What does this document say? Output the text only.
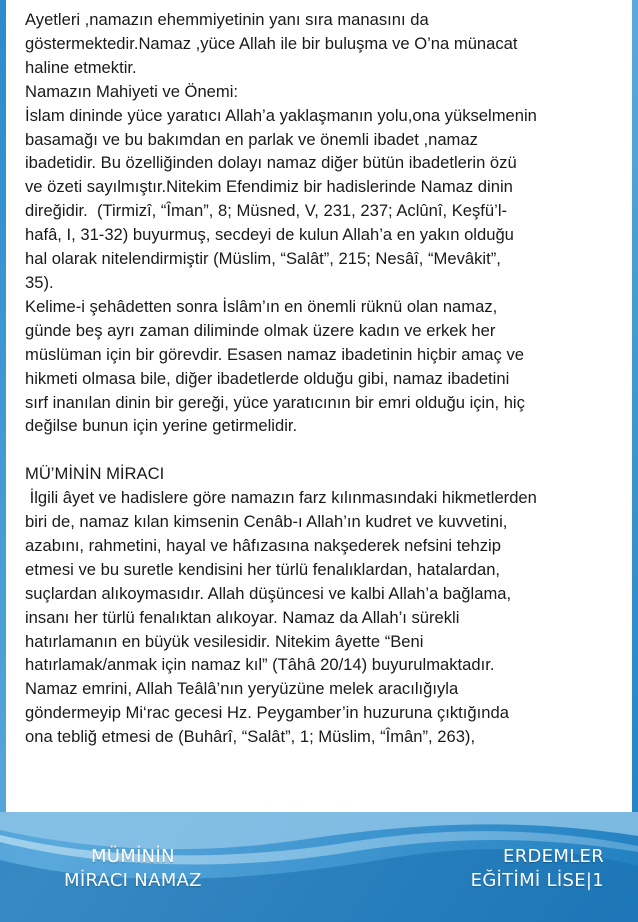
Ayetleri ,namazın ehemmiyetinin yanı sıra manasını da

göstermektedir.Namaz ,yüce Allah ile bir buluşma ve O’na münacat

haline etmektir.

Namazın Mahiyeti ve Önemi:

İslam dininde yüce yaratıcı Allah’a yaklaşmanın yolu,ona yükselmenin

basamağı ve bu bakımdan en parlak ve önemli ibadet ,namaz

ibadetidir. Bu özelliğinden dolayı namaz diğer bütün ibadetlerin özü

ve özeti sayılmıştır.Nitekim Efendimiz bir hadislerinde Namaz dinin

direğidir.  (Tirmizî, “Îman”, 8; Müsned, V, 231, 237; Aclûnî, Keşfü’l-

hafâ, I, 31-32) buyurmuş, secdeyi de kulun Allah’a en yakın olduğu

hal olarak nitelendirmiştir (Müslim, “Salât”, 215; Nesâî, “Mevâkit”,

35).

Kelime-i şehâdetten sonra İslâm’ın en önemli rüknü olan namaz,

günde beş ayrı zaman diliminde olmak üzere kadın ve erkek her

müslüman için bir görevdir. Esasen namaz ibadetinin hiçbir amaç ve

hikmeti olmasa bile, diğer ibadetlerde olduğu gibi, namaz ibadetini

sırf inanılan dinin bir gereği, yüce yaratıcının bir emri olduğu için, hiç

değilse bunun için yerine getirmelidir.

MÜ’MİNİN MİRACI

İlgili âyet ve hadislere göre namazın farz kılınmasındaki hikmetlerden

biri de, namaz kılan kimsenin Cenâb-ı Allah’ın kudret ve kuvvetini,

azabını, rahmetini, hayal ve hâfızasına nakşederek nefsini tehzip

etmesi ve bu suretle kendisini her türlü fenalıklardan, hatalardan,

suçlardan alıkoymasıdır. Allah düşüncesi ve kalbi Allah’a bağlama,

insanı her türlü fenalıktan alıkoyar. Namaz da Allah’ı sürekli

hatırlamanın en büyük vesilesidir. Nitekim âyette “Beni

hatırlamak/anmak için namaz kıl” (Tâhâ 20/14) buyurulmaktadır.

Namaz emrini, Allah Teâlâ’nın yeryüzüne melek aracılığıyla

göndermeyip Mi‘rac gecesi Hz. Peygamber’in huzuruna çıktığında

ona tebliğ etmesi de (Buhârî, “Salât”, 1; Müslim, “Îmân”, 263),

MÜMİNİN
MİRACI NAMAZ
ERDEMLER
EĞİTİMİ LİSE|1
